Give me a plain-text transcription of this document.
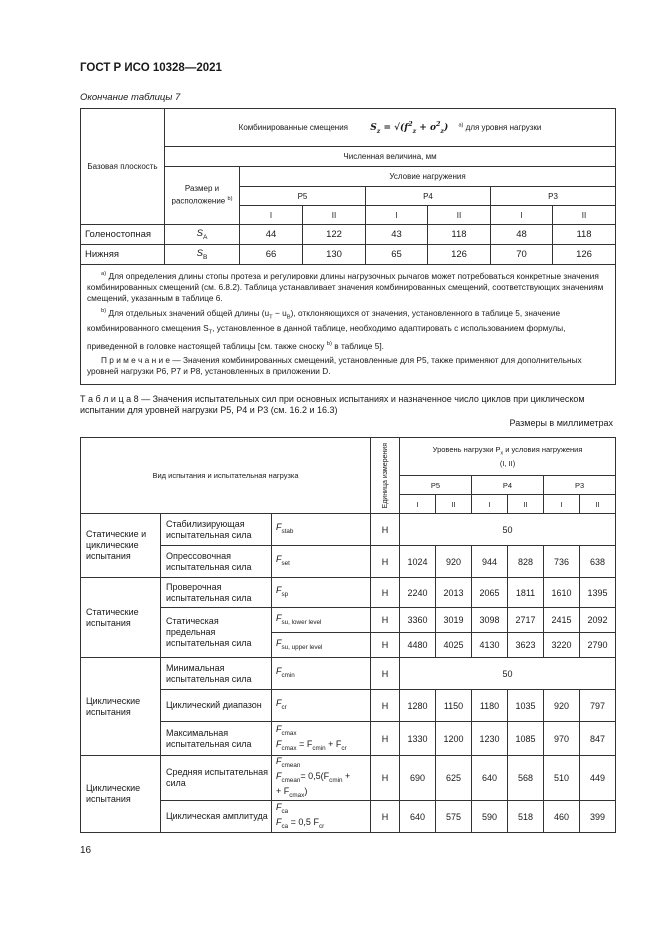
ГОСТ Р ИСО 10328—2021
Окончание таблицы 7
Базовая плоскость	Комбинированные смещения $S_z = √(f^2_z + o^2_z)$ $^{a)}$ для уровня нагрузки						
	Численная величина, мм						
	Размер и расположение $^{b)}$	Условие нагружения					
		P5		P4		P3	
		I	II	I	II	I	II
Голеностопная	$S_A$	44	122	43	118	48	118
Нижняя	$S_B$	66	130	65	126	70	126

$^{a)}$ Для определения длины стопы протеза и регулировки длины нагрузочных рычагов может потребоваться конкретные значения комбинированных смещений (см. 6.8.2). Таблица устанавливает значения комбинированных смещений, соответствующих значениям смещений, указанным в таблице 6.

$^{b)}$ Для отдельных значений общей длины $(u_T - u_B)$, отклоняющихся от значения, установленного в таблице 5, значение комбинированного смещения $S_T$, установленное в данной таблице, необходимо адаптировать с использованием формулы, приведенной в головке настоящей таблицы [см. также сноску $^{b)}$ в таблице 5].

П р и м е ч а н и е — Значения комбинированных смещений, установленные для P5, также применяют для дополнительных уровней нагрузки P6, P7 и P8, установленных в приложении D.							

Т а б л и ц а 8 — Значения испытательных сил при основных испытаниях и назначенное число циклов при циклическом испытании для уровней нагрузки P5, P4 и P3 (см. 16.2 и 16.3)
Размеры в миллиметрах
Вид испытания и испытательная нагрузка			Единица измерения	Уровень нагрузки $P_x$ и условия нагружения
(I, II)					
				P5		P4		P3	
				I	II	I	II	I	II
Статические и циклические испытания	Стабилизирующая испытательная сила	$F_{stab}$	Н	50					
	Опрессовочная испытательная сила	$F_{set}$	Н	1024	920	944	828	736	638
Статические испытания	Проверочная испытательная сила	$F_{sp}$	Н	2240	2013	2065	1811	1610	1395
	Статическая предельная испытательная сила	$F_{su, lower level}$	Н	3360	3019	3098	2717	2415	2092
		$F_{su, upper level}$	Н	4480	4025	4130	3623	3220	2790
Циклические испытания	Минимальная испытательная сила	$F_{cmin}$	Н	50					
	Циклический диапазон	$F_{cr}$	Н	1280	1150	1180	1035	920	797
	Максимальная испытательная сила	$F_{cmax}$
$F_{cmax} = F_{cmin} + F_{cr}$	Н	1330	1200	1230	1085	970	847
Циклические испытания	Средняя испытательная сила	$F_{cmean}$
$F_{cmean}= 0,5(F_{cmin}$ +
+ $F_{cmax}$)	Н	690	625	640	568	510	449
	Циклическая амплитуда	$F_{ca}$
$F_{ca} = 0,5$ $F_{cr}$	Н	640	575	590	518	460	399
16
